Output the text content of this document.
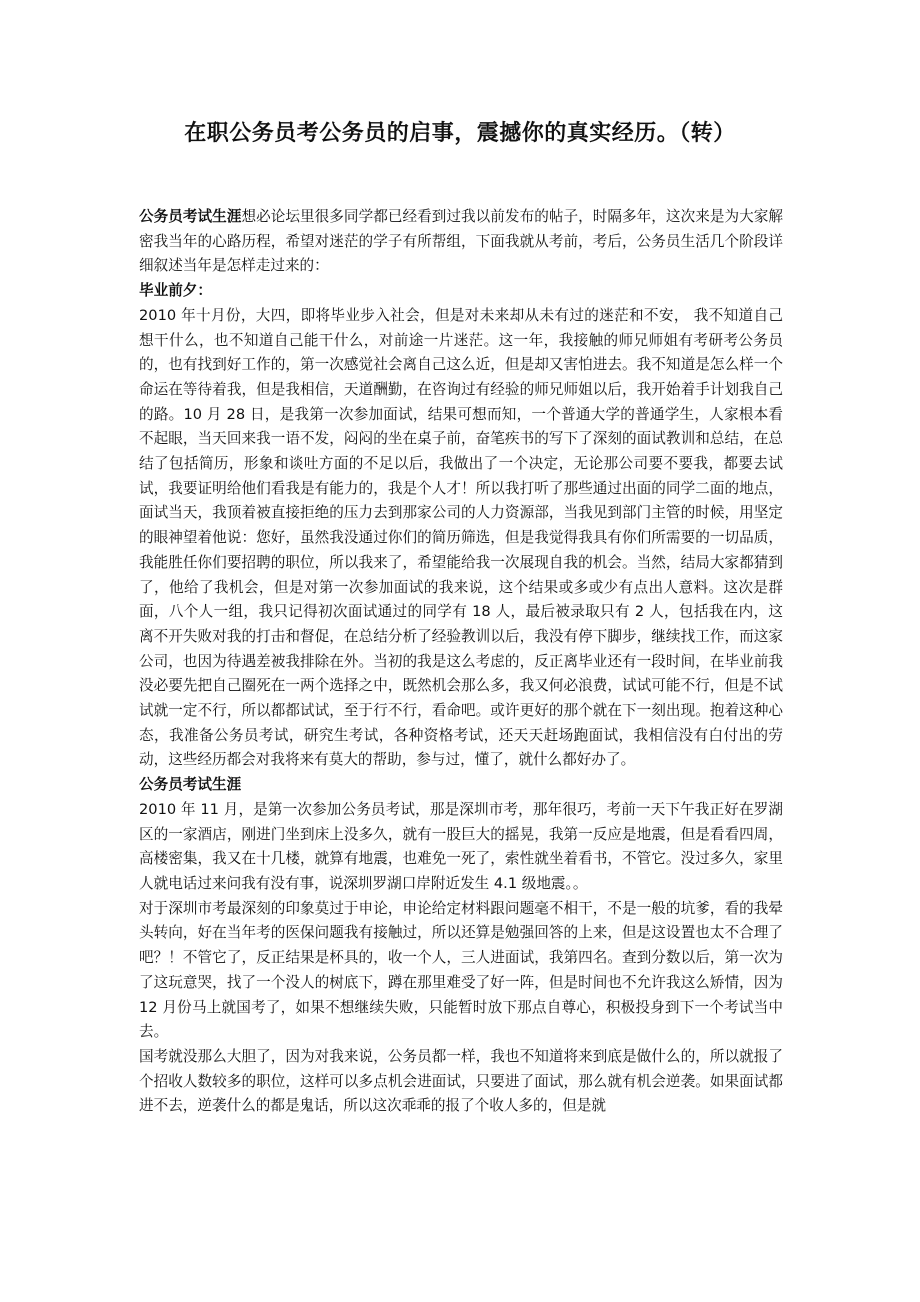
在职公务员考公务员的启事，震撼你的真实经历。（转）

公务员考试生涯想必论坛里很多同学都已经看到过我以前发布的帖子，时隔多年，这次来是为大家解密我当年的心路历程，希望对迷茫的学子有所帮组，下面我就从考前，考后，公务员生活几个阶段详细叙述当年是怎样走过来的：

毕业前夕：

2010 年十月份，大四，即将毕业步入社会，但是对未来却从未有过的迷茫和不安， 我不知道自己想干什么，也不知道自己能干什么，对前途一片迷茫。这一年，我接触的师兄师姐有考研考公务员的，也有找到好工作的，第一次感觉社会离自己这么近，但是却又害怕进去。我不知道是怎么样一个命运在等待着我，但是我相信，天道酬勤，在咨询过有经验的师兄师姐以后，我开始着手计划我自己的路。10 月 28 日，是我第一次参加面试，结果可想而知，一个普通大学的普通学生，人家根本看不起眼，当天回来我一语不发，闷闷的坐在桌子前，奋笔疾书的写下了深刻的面试教训和总结，在总结了包括简历，形象和谈吐方面的不足以后，我做出了一个决定，无论那公司要不要我，都要去试试，我要证明给他们看我是有能力的，我是个人才！所以我打听了那些通过出面的同学二面的地点，面试当天，我顶着被直接拒绝的压力去到那家公司的人力资源部，当我见到部门主管的时候，用坚定的眼神望着他说：您好，虽然我没通过你们的简历筛选，但是我觉得我具有你们所需要的一切品质，我能胜任你们要招聘的职位，所以我来了，希望能给我一次展现自我的机会。当然，结局大家都猜到了，他给了我机会，但是对第一次参加面试的我来说，这个结果或多或少有点出人意料。这次是群面，八个人一组，我只记得初次面试通过的同学有 18 人，最后被录取只有 2 人，包括我在内，这离不开失败对我的打击和督促，在总结分析了经验教训以后，我没有停下脚步，继续找工作，而这家公司，也因为待遇差被我排除在外。当初的我是这么考虑的，反正离毕业还有一段时间，在毕业前我没必要先把自己圈死在一两个选择之中，既然机会那么多，我又何必浪费，试试可能不行，但是不试试就一定不行，所以都都试试，至于行不行，看命吧。或许更好的那个就在下一刻出现。抱着这种心态，我准备公务员考试，研究生考试，各种资格考试，还天天赶场跑面试，我相信没有白付出的劳动，这些经历都会对我将来有莫大的帮助，参与过，懂了，就什么都好办了。

公务员考试生涯

2010 年 11 月，是第一次参加公务员考试，那是深圳市考，那年很巧，考前一天下午我正好在罗湖区的一家酒店，刚进门坐到床上没多久，就有一股巨大的摇晃，我第一反应是地震，但是看看四周，高楼密集，我又在十几楼，就算有地震，也难免一死了，索性就坐着看书，不管它。没过多久，家里人就电话过来问我有没有事，说深圳罗湖口岸附近发生 4.1 级地震。。

对于深圳市考最深刻的印象莫过于申论，申论给定材料跟问题毫不相干，不是一般的坑爹，看的我晕头转向，好在当年考的医保问题我有接触过，所以还算是勉强回答的上来，但是这设置也太不合理了吧？！不管它了，反正结果是杯具的，收一个人，三人进面试，我第四名。查到分数以后，第一次为了这玩意哭，找了一个没人的树底下，蹲在那里难受了好一阵，但是时间也不允许我这么矫情，因为 12 月份马上就国考了，如果不想继续失败，只能暂时放下那点自尊心，积极投身到下一个考试当中去。

国考就没那么大胆了，因为对我来说，公务员都一样，我也不知道将来到底是做什么的，所以就报了个招收人数较多的职位，这样可以多点机会进面试，只要进了面试，那么就有机会逆袭。如果面试都进不去，逆袭什么的都是鬼话，所以这次乖乖的报了个收人多的，但是就
